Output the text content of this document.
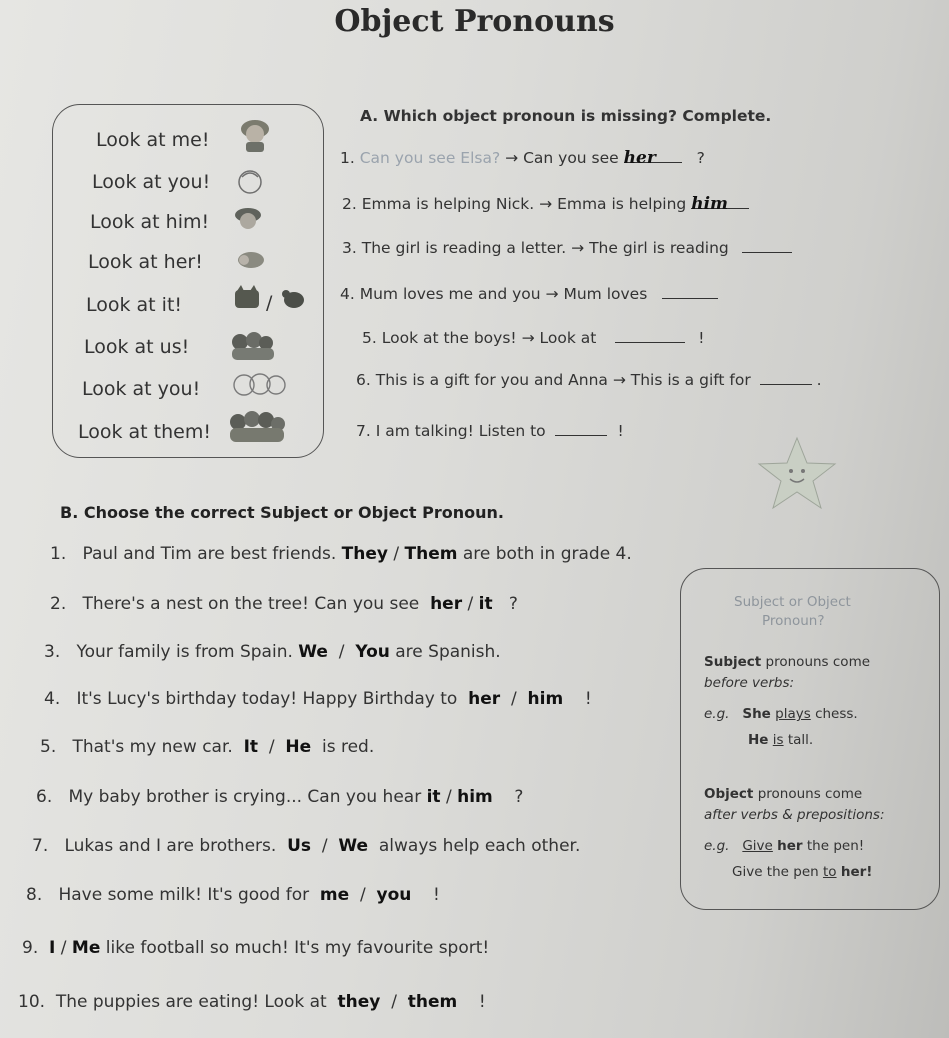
Object Pronouns
Look at me!
Look at you!
Look at him!
Look at her!
Look at it!
Look at us!
Look at you!
Look at them!
/
A. Which object pronoun is missing? Complete.
1. Can you see Elsa? → Can you see her	?
2. Emma is helping Nick. → Emma is helping him
3. The girl is reading a letter. → The girl is reading
4. Mum loves me and you → Mum loves
5. Look at the boys! → Look at	!
6. This is a gift for you and Anna → This is a gift for	.
7. I am talking! Listen to	!
B. Choose the correct Subject or Object Pronoun.
1. Paul and Tim are best friends. They / Them are both in grade 4.
2. There's a nest on the tree! Can you see her / it ?
3. Your family is from Spain. We / You are Spanish.
4. It's Lucy's birthday today! Happy Birthday to her / him !
5. That's my new car. It / He is red.
6. My baby brother is crying... Can you hear it / him ?
7. Lukas and I are brothers. Us / We always help each other.
8. Have some milk! It's good for me / you !
9. I / Me like football so much! It's my favourite sport!
10. The puppies are eating! Look at they / them !
Subject or Object
Pronoun?
Subject pronouns come
before verbs:
e.g. She plays chess.
He is tall.
Object pronouns come
after verbs & prepositions:
e.g. Give her the pen!
Give the pen to her!
